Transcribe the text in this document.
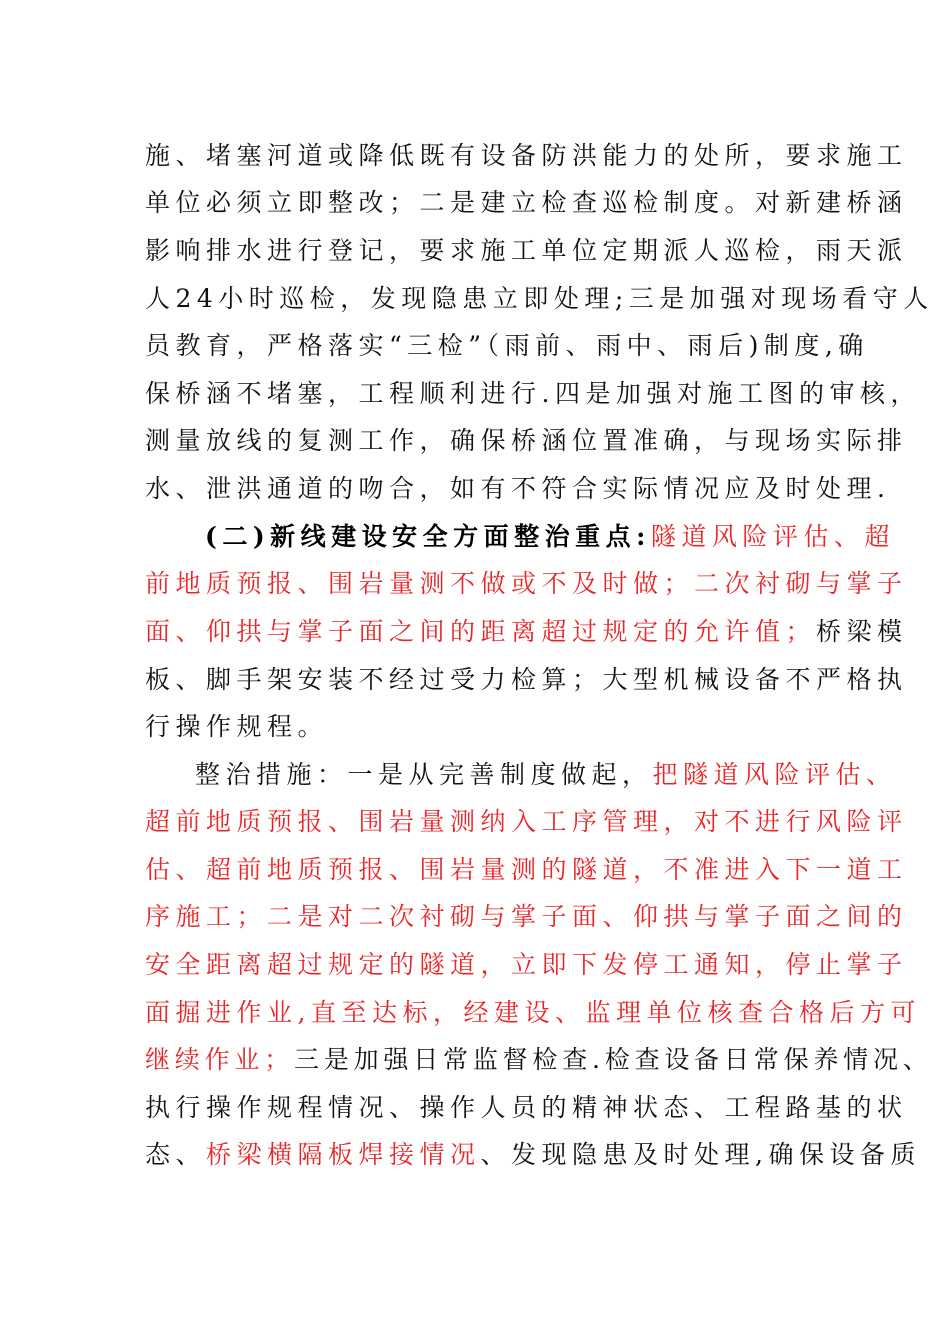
施、堵塞河道或降低既有设备防洪能力的处所，要求施工
单位必须立即整改；二是建立检查巡检制度。对新建桥涵
影响排水进行登记，要求施工单位定期派人巡检，雨天派
人24小时巡检，发现隐患立即处理;三是加强对现场看守人
员教育，严格落实“三检”（雨前、雨中、雨后)制度,确
保桥涵不堵塞，工程顺利进行.四是加强对施工图的审核，
测量放线的复测工作，确保桥涵位置准确，与现场实际排
水、泄洪通道的吻合，如有不符合实际情况应及时处理.
(二)新线建设安全方面整治重点:隧道风险评估、超
前地质预报、围岩量测不做或不及时做；二次衬砌与掌子
面、仰拱与掌子面之间的距离超过规定的允许值；桥梁模
板、脚手架安装不经过受力检算；大型机械设备不严格执
行操作规程。
整治措施：一是从完善制度做起，把隧道风险评估、
超前地质预报、围岩量测纳入工序管理，对不进行风险评
估、超前地质预报、围岩量测的隧道，不准进入下一道工
序施工；二是对二次衬砌与掌子面、仰拱与掌子面之间的
安全距离超过规定的隧道，立即下发停工通知，停止掌子
面掘进作业,直至达标，经建设、监理单位核查合格后方可
继续作业；三是加强日常监督检查.检查设备日常保养情况、
执行操作规程情况、操作人员的精神状态、工程路基的状
态、桥梁横隔板焊接情况、发现隐患及时处理,确保设备质
